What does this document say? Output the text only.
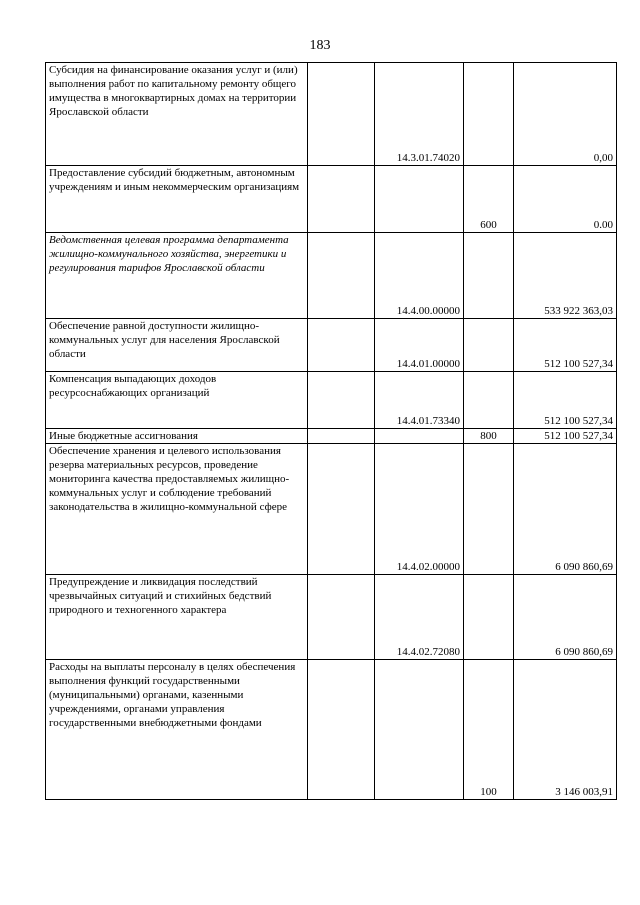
183
Субсидия на финансирование оказания услуг и (или) выполнения работ по капитальному ремонту общего имущества в многоквартирных домах на территории Ярославской области		14.3.01.74020		0,00
Предоставление субсидий бюджетным, автономным учреждениям и иным некоммерческим организациям			600	0.00
Ведомственная целевая программа департамента жилищно-коммунального хозяйства, энергетики и регулирования тарифов Ярославской области		14.4.00.00000		533 922 363,03
Обеспечение равной доступности жилищно-коммунальных услуг для населения Ярославской области		14.4.01.00000		512 100 527,34
Компенсация выпадающих доходов ресурсоснабжающих организаций		14.4.01.73340		512 100 527,34
Иные бюджетные ассигнования			800	512 100 527,34
Обеспечение хранения и целевого использования резерва материальных ресурсов, проведение мониторинга качества предоставляемых жилищно-коммунальных услуг и соблюдение требований законодательства в жилищно-коммунальной сфере		14.4.02.00000		6 090 860,69
Предупреждение и ликвидация последствий чрезвычайных ситуаций и стихийных бедствий природного и техногенного характера		14.4.02.72080		6 090 860,69
Расходы на выплаты персоналу в целях обеспечения выполнения функций государственными (муниципальными) органами, казенными учреждениями, органами управления государственными внебюджетными фондами			100	3 146 003,91
